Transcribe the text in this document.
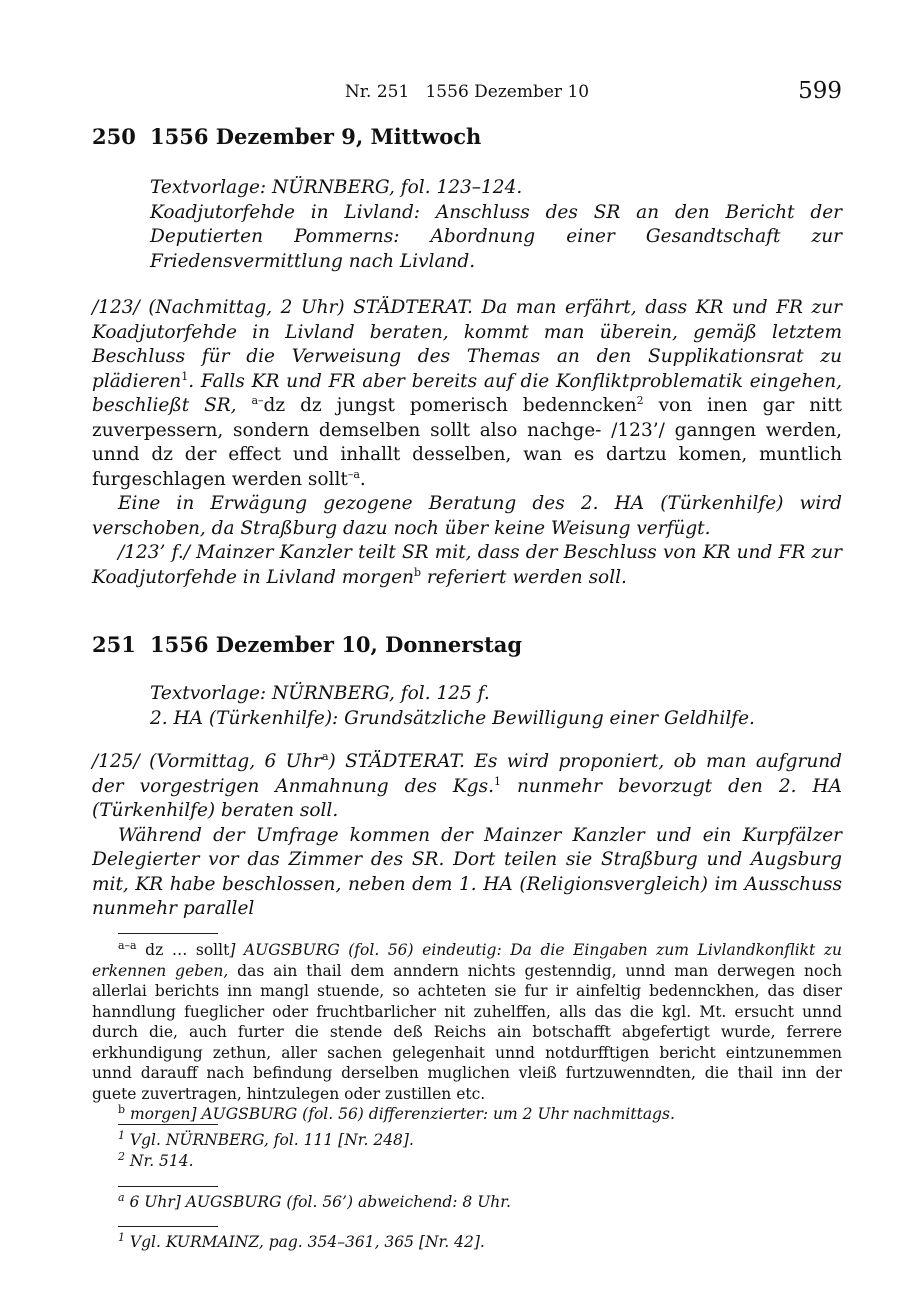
Nr. 251   1556 Dezember 10	599
250 1556 Dezember 9, Mittwoch
Textvorlage: NÜRNBERG, fol. 123–124.
Koadjutorfehde in Livland: Anschluss des SR an den Bericht der Deputierten Pommerns: Abordnung einer Gesandtschaft zur Friedensvermittlung nach Livland.

/123/ (Nachmittag, 2 Uhr) STÄDTERAT. Da man erfährt, dass KR und FR zur Koadjutorfehde in Livland beraten, kommt man überein, gemäß letztem Beschluss für die Verweisung des Themas an den Supplikationsrat zu plädieren$^1$. Falls KR und FR aber bereits auf die Konfliktproblematik eingehen, beschließt SR, $^{a-}$dz dz jungst pomerisch bedenncken$^2$ von inen gar nitt zuverpessern, sondern demselben sollt also nachge- /123’/ ganngen werden, unnd dz der effect und inhallt desselben, wan es dartzu komen, muntlich furgeschlagen werden sollt$^{-a}$.

Eine in Erwägung gezogene Beratung des 2. HA (Türkenhilfe) wird verschoben, da Straßburg dazu noch über keine Weisung verfügt.

/123’ f./ Mainzer Kanzler teilt SR mit, dass der Beschluss von KR und FR zur Koadjutorfehde in Livland morgen$^b$ referiert werden soll.

251 1556 Dezember 10, Donnerstag
Textvorlage: NÜRNBERG, fol. 125 f.
2. HA (Türkenhilfe): Grundsätzliche Bewilligung einer Geldhilfe.

/125/ (Vormittag, 6 Uhr$^a$) STÄDTERAT. Es wird proponiert, ob man aufgrund der vorgestrigen Anmahnung des Kgs.$^1$ nunmehr bevorzugt den 2. HA (Türkenhilfe) beraten soll.

Während der Umfrage kommen der Mainzer Kanzler und ein Kurpfälzer Delegierter vor das Zimmer des SR. Dort teilen sie Straßburg und Augsburg mit, KR habe beschlossen, neben dem 1. HA (Religionsvergleich) im Ausschuss nunmehr parallel

$^{a-a}$ dz … sollt] AUGSBURG (fol. 56) eindeutig: Da die Eingaben zum Livlandkonflikt zu erkennen geben, das ain thail dem anndern nichts gestenndig, unnd man derwegen noch allerlai berichts inn mangl stuende, so achteten sie fur ir ainfeltig bedennckhen, das diser hanndlung fueglicher oder fruchtbarlicher nit zuhelffen, alls das die kgl. Mt. ersucht unnd durch die, auch furter die stende deß Reichs ain botschafft abgefertigt wurde, ferrere erkhundigung zethun, aller sachen gelegenhait unnd notdurfftigen bericht eintzunemmen unnd darauff nach befindung derselben muglichen vleiß furtzuwenndten, die thail inn der guete zuvertragen, hintzulegen oder zustillen etc.

$^b$ morgen] AUGSBURG (fol. 56) differenzierter: um 2 Uhr nachmittags.

$^1$ Vgl. NÜRNBERG, fol. 111 [Nr. 248].

$^2$ Nr. 514.

$^a$ 6 Uhr] AUGSBURG (fol. 56’) abweichend: 8 Uhr.

$^1$ Vgl. KURMAINZ, pag. 354–361, 365 [Nr. 42].
